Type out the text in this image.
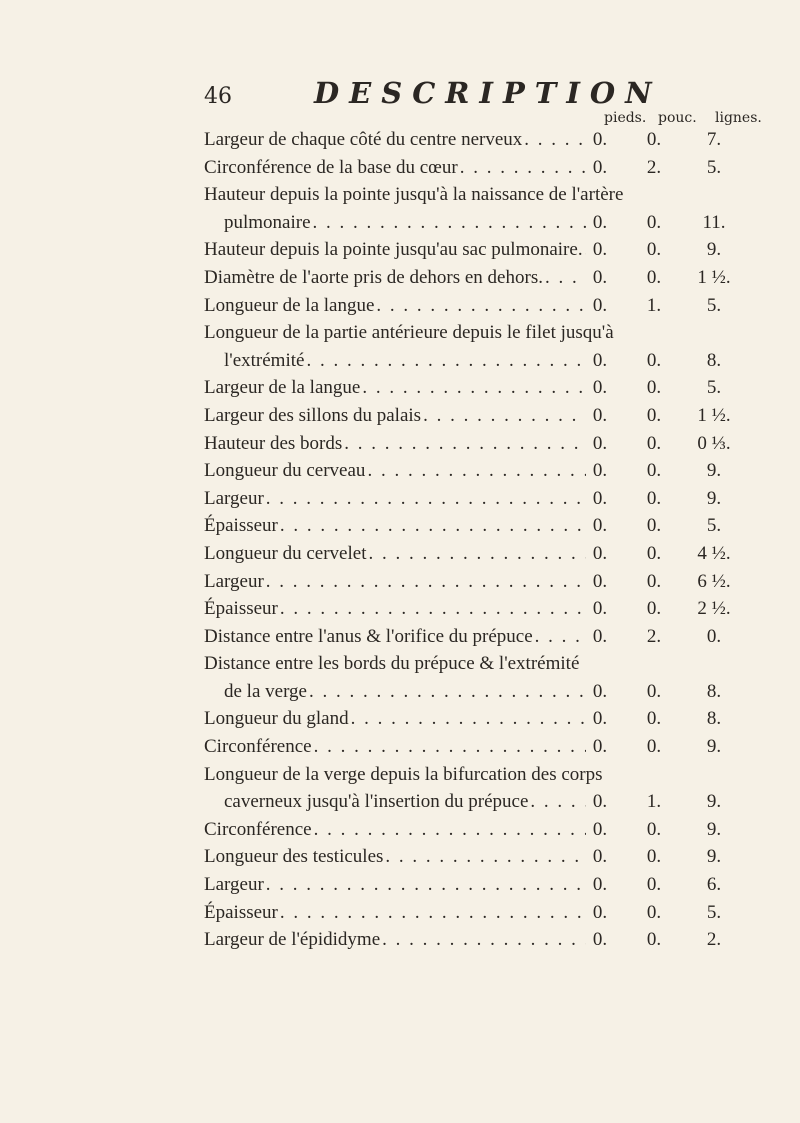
46	DESCRIPTION
pieds. pouc. lignes.
Largeur de chaque côté du centre nerveux . . .	0.	0.	7.
Circonférence de la base du cœur . . .	0.	2.	5.
Hauteur depuis la pointe jusqu'à la naissance de l'artère
pulmonaire . . .	0.	0.	11.
Hauteur depuis la pointe jusqu'au sac pulmonaire. . . . 0.	0.	9.
Diamètre de l'aorte pris de dehors en dehors. . . .	0.	0.	1 ½.
Longueur de la langue . . .	0.	1.	5.
Longueur de la partie antérieure depuis le filet jusqu'à
l'extrémité . . .	0.	0.	8.
Largeur de la langue . . .	0.	0.	5.
Largeur des sillons du palais . . .	0.	0.	1 ½.
Hauteur des bords . . .	0.	0.	0 ⅓.
Longueur du cerveau . . .	0.	0.	9.
Largeur . . .	0.	0.	9.
Épaisseur . . .	0.	0.	5.
Longueur du cervelet . . .	0.	0.	4 ½.
Largeur . . .	0.	0.	6 ½.
Épaisseur . . .	0.	0.	2 ½.
Distance entre l'anus & l'orifice du prépuce . . .	0.	2.	0.
Distance entre les bords du prépuce & l'extrémité
de la verge . . .	0.	0.	8.
Longueur du gland . . .	0.	0.	8.
Circonférence . . .	0.	0.	9.
Longueur de la verge depuis la bifurcation des corps
caverneux jusqu'à l'insertion du prépuce . . .	0.	1.	9.
Circonférence . . .	0.	0.	9.
Longueur des testicules . . .	0.	0.	9.
Largeur . . .	0.	0.	6.
Épaisseur . . .	0.	0.	5.
Largeur de l'épididyme . . .	0.	0.	2.
